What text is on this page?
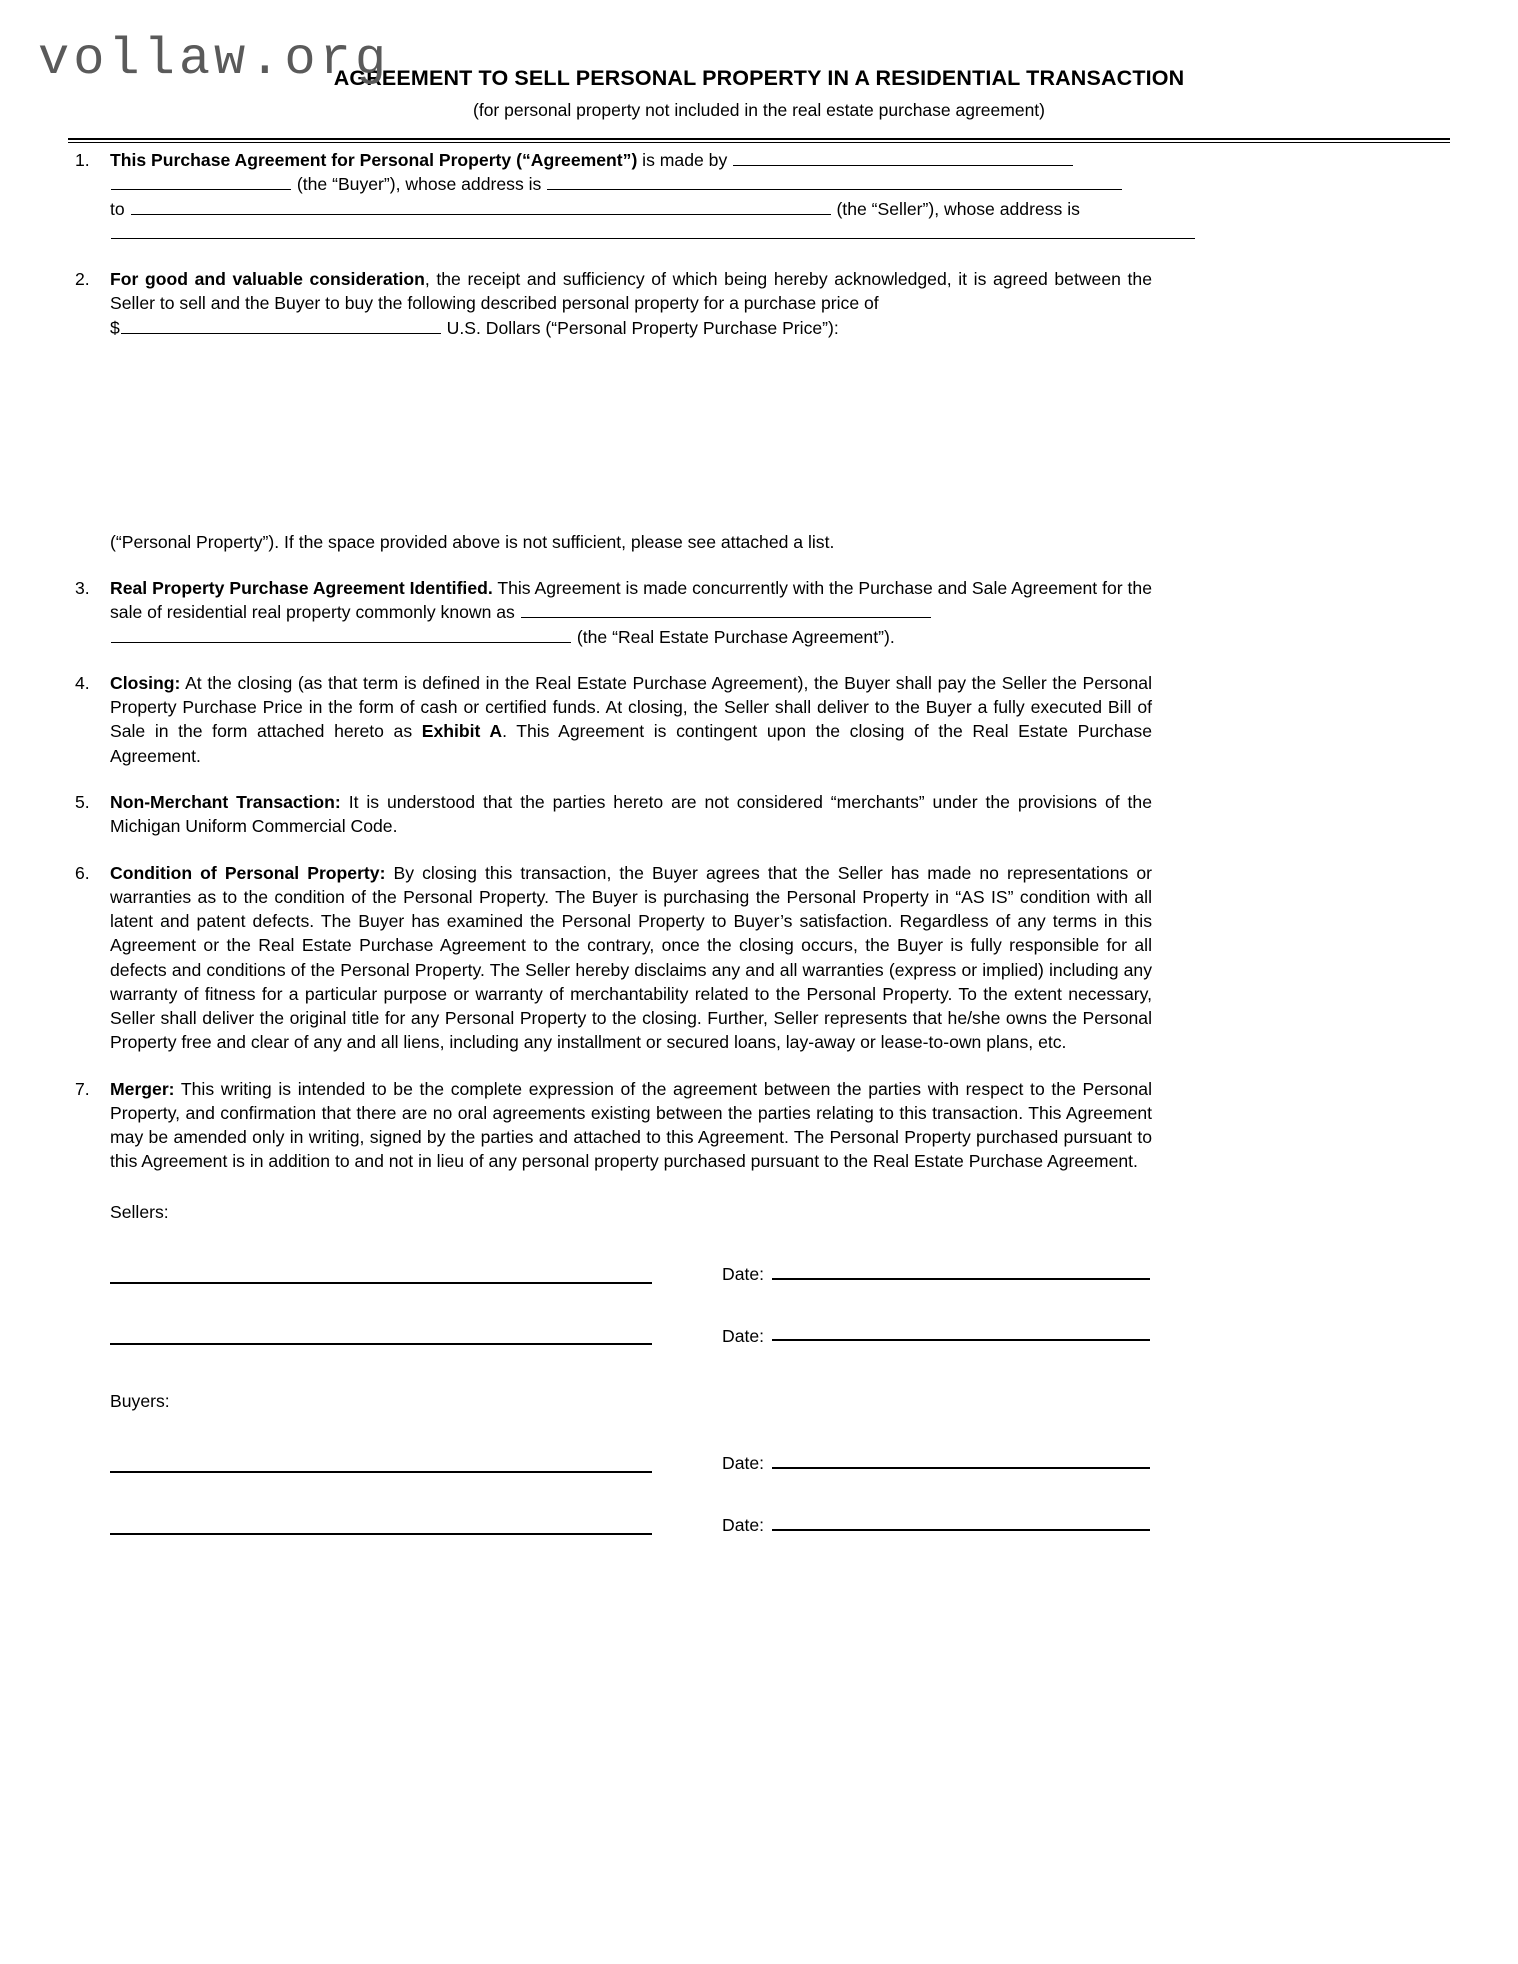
vollaw.org
AGREEMENT TO SELL PERSONAL PROPERTY IN A RESIDENTIAL TRANSACTION
(for personal property not included in the real estate purchase agreement)
1.	This Purchase Agreement for Personal Property (“Agreement”) is made by
(the “Buyer”), whose address is
to	(the “Seller”), whose address is

2.	For good and valuable consideration, the receipt and sufficiency of which being hereby acknowledged, it is agreed between the Seller to sell and the Buyer to buy the following described personal property for a purchase price of
$	U.S. Dollars (“Personal Property Purchase Price”):
(“Personal Property”). If the space provided above is not sufficient, please see attached a list.
3.	Real Property Purchase Agreement Identified. This Agreement is made concurrently with the Purchase and Sale Agreement for the sale of residential real property commonly known as
(the “Real Estate Purchase Agreement”).
4.	Closing: At the closing (as that term is defined in the Real Estate Purchase Agreement), the Buyer shall pay the Seller the Personal Property Purchase Price in the form of cash or certified funds. At closing, the Seller shall deliver to the Buyer a fully executed Bill of Sale in the form attached hereto as Exhibit A. This Agreement is contingent upon the closing of the Real Estate Purchase Agreement.
5.	Non-Merchant Transaction: It is understood that the parties hereto are not considered “merchants” under the provisions of the Michigan Uniform Commercial Code.
6.	Condition of Personal Property: By closing this transaction, the Buyer agrees that the Seller has made no representations or warranties as to the condition of the Personal Property. The Buyer is purchasing the Personal Property in “AS IS” condition with all latent and patent defects. The Buyer has examined the Personal Property to Buyer’s satisfaction. Regardless of any terms in this Agreement or the Real Estate Purchase Agreement to the contrary, once the closing occurs, the Buyer is fully responsible for all defects and conditions of the Personal Property. The Seller hereby disclaims any and all warranties (express or implied) including any warranty of fitness for a particular purpose or warranty of merchantability related to the Personal Property. To the extent necessary, Seller shall deliver the original title for any Personal Property to the closing. Further, Seller represents that he/she owns the Personal Property free and clear of any and all liens, including any installment or secured loans, lay-away or lease-to-own plans, etc.
7.	Merger: This writing is intended to be the complete expression of the agreement between the parties with respect to the Personal Property, and confirmation that there are no oral agreements existing between the parties relating to this transaction. This Agreement may be amended only in writing, signed by the parties and attached to this Agreement. The Personal Property purchased pursuant to this Agreement is in addition to and not in lieu of any personal property purchased pursuant to the Real Estate Purchase Agreement.
Sellers:
Date:
Date:
Buyers:
Date:
Date:
